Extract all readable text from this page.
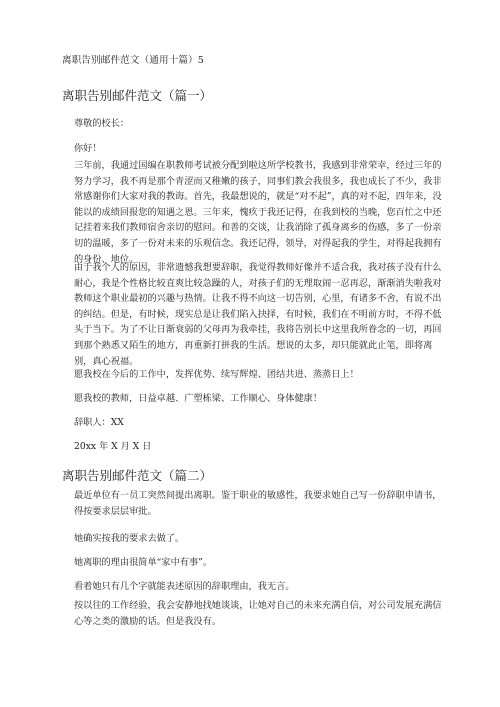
离职告别邮件范文（通用十篇）5
离职告别邮件范文（篇一）
尊敬的校长：
你好！

三年前，我通过国编在职教师考试被分配到啦这所学校教书，我感到非常荣幸，经过三年的努力学习，我不再是那个青涩而又稚嫩的孩子，同事们教会我很多，我也成长了不少，我非常感谢你们大家对我的教诲。首先，我最想说的，就是“对不起”，真的对不起，四年来，没能以的成绩回报您的知遇之恩。三年来，愧疚于我还记得，在我到校的当晚，您百忙之中还记挂着来我们教师宿舍亲切的慰问。和善的交谈，让我消除了孤身离乡的伤感，多了一份亲切的温暖，多了一份对未来的乐观信念。我还记得，领导，对得起我的学生，对得起我拥有的身份、地位。

由于我个人的原因，非常遗憾我想要辞职，我觉得教师好像并不适合我，我对孩子没有什么耐心，我是个性格比较直爽比较急躁的人，对孩子们的无理取闹一忍再忍，渐渐消失啦我对教师这个职业最初的兴趣与热情。让我不得不向这一切告别，心里，有诸多不舍，有说不出的纠结。但是，有时候，现实总是让我们陷入抉择，有时候，我们在不明前方时，不得不低头于当下。为了不让日渐衰弱的父母再为我牵挂，我将告别长中这里我所眷念的一切，再回到那个熟悉又陌生的地方，再重新打拼我的生活。想说的太多，却只能就此止笔，即将离别，真心祝福。

愿我校在今后的工作中，发挥优势、续写辉煌、团结共进、蒸蒸日上！
愿我校的教师，日益卓越、广塑栋梁、工作顺心、身体健康！
辞职人：XX
20xx 年 X 月 X 日
离职告别邮件范文（篇二）

最近单位有一员工突然间提出离职。鉴于职业的敏感性，我要求她自己写一份辞职申请书，得按要求层层审批。

她确实按我的要求去做了。
她离职的理由很简单“家中有事”。
看着她只有几个字就能表述原因的辞职理由，我无言。

按以往的工作经验，我会安静地找她谈谈，让她对自己的未来充满自信，对公司发展充满信心等之类的激励的话。但是我没有。
